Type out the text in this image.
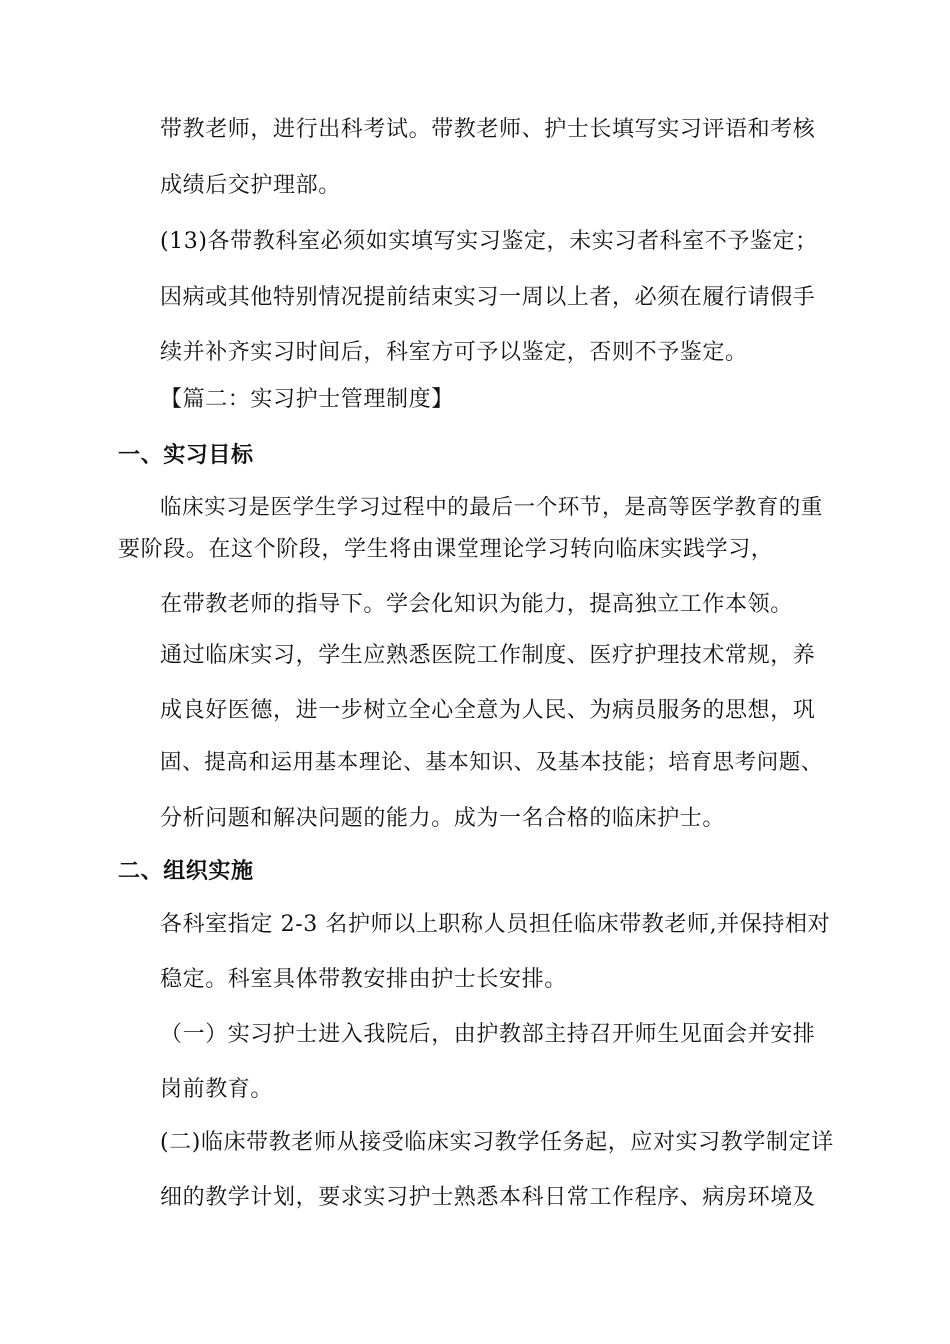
带教老师，进行出科考试。带教老师、护士长填写实习评语和考核
成绩后交护理部。
(13)各带教科室必须如实填写实习鉴定，未实习者科室不予鉴定；
因病或其他特别情况提前结束实习一周以上者，必须在履行请假手
续并补齐实习时间后，科室方可予以鉴定，否则不予鉴定。
【篇二：实习护士管理制度】
一、实习目标
临床实习是医学生学习过程中的最后一个环节，是高等医学教育的重
要阶段。在这个阶段，学生将由课堂理论学习转向临床实践学习，
在带教老师的指导下。学会化知识为能力，提高独立工作本领。
通过临床实习，学生应熟悉医院工作制度、医疗护理技术常规，养
成良好医德，进一步树立全心全意为人民、为病员服务的思想，巩
固、提高和运用基本理论、基本知识、及基本技能；培育思考问题、
分析问题和解决问题的能力。成为一名合格的临床护士。
二、组织实施
各科室指定 2-3 名护师以上职称人员担任临床带教老师,并保持相对
稳定。科室具体带教安排由护士长安排。
（一）实习护士进入我院后，由护教部主持召开师生见面会并安排
岗前教育。
(二)临床带教老师从接受临床实习教学任务起，应对实习教学制定详
细的教学计划，要求实习护士熟悉本科日常工作程序、病房环境及
